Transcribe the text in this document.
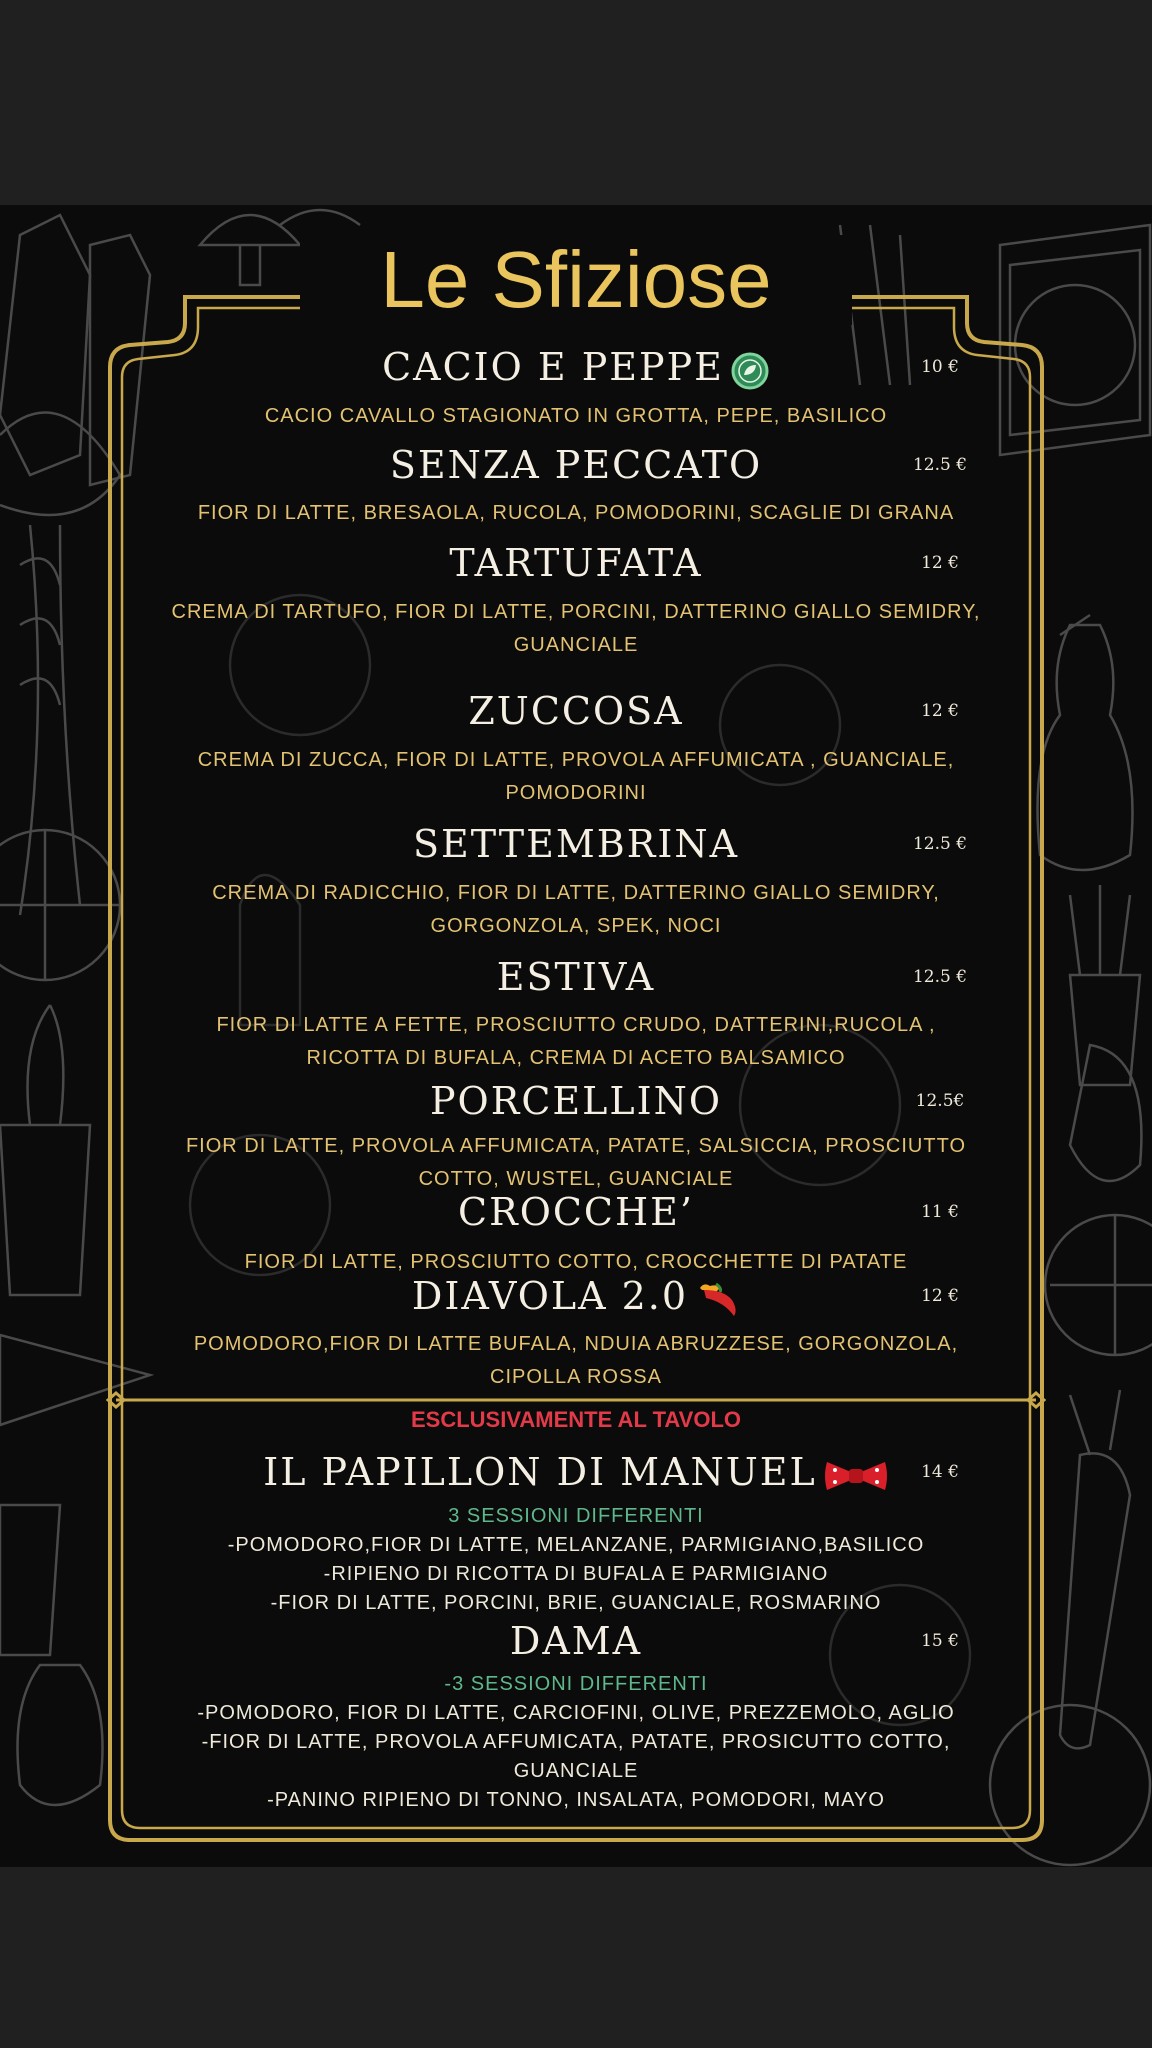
Le Sfiziose
CACIO E PEPPE	10 €
CACIO CAVALLO STAGIONATO IN GROTTA, PEPE, BASILICO
SENZA PECCATO	12.5 €
FIOR DI LATTE, BRESAOLA, RUCOLA, POMODORINI, SCAGLIE DI GRANA
TARTUFATA	12 €
CREMA DI TARTUFO, FIOR DI LATTE, PORCINI, DATTERINO GIALLO SEMIDRY,
GUANCIALE
ZUCCOSA	12 €
CREMA DI ZUCCA, FIOR DI LATTE, PROVOLA AFFUMICATA , GUANCIALE,
POMODORINI
SETTEMBRINA	12.5 €
CREMA DI RADICCHIO, FIOR DI LATTE, DATTERINO GIALLO SEMIDRY,
GORGONZOLA, SPEK, NOCI
ESTIVA	12.5 €
FIOR DI LATTE A FETTE, PROSCIUTTO CRUDO, DATTERINI,RUCOLA ,
RICOTTA DI BUFALA, CREMA DI ACETO BALSAMICO
PORCELLINO	12.5€
FIOR DI LATTE, PROVOLA AFFUMICATA, PATATE, SALSICCIA, PROSCIUTTO
COTTO, WUSTEL, GUANCIALE
CROCCHE’	11 €
FIOR DI LATTE, PROSCIUTTO COTTO, CROCCHETTE DI PATATE
DIAVOLA 2.0	12 €
POMODORO,FIOR DI LATTE BUFALA, NDUIA ABRUZZESE, GORGONZOLA,
CIPOLLA ROSSA
ESCLUSIVAMENTE AL TAVOLO
IL PAPILLON DI MANUEL	14 €
3 SESSIONI DIFFERENTI
-POMODORO,FIOR DI LATTE, MELANZANE, PARMIGIANO,BASILICO
-RIPIENO DI RICOTTA DI BUFALA E PARMIGIANO
-FIOR DI LATTE, PORCINI, BRIE, GUANCIALE, ROSMARINO
DAMA	15 €
-3 SESSIONI DIFFERENTI
-POMODORO, FIOR DI LATTE, CARCIOFINI, OLIVE, PREZZEMOLO, AGLIO
-FIOR DI LATTE, PROVOLA AFFUMICATA, PATATE, PROSICUTTO COTTO,
GUANCIALE
-PANINO RIPIENO DI TONNO, INSALATA, POMODORI, MAYO
